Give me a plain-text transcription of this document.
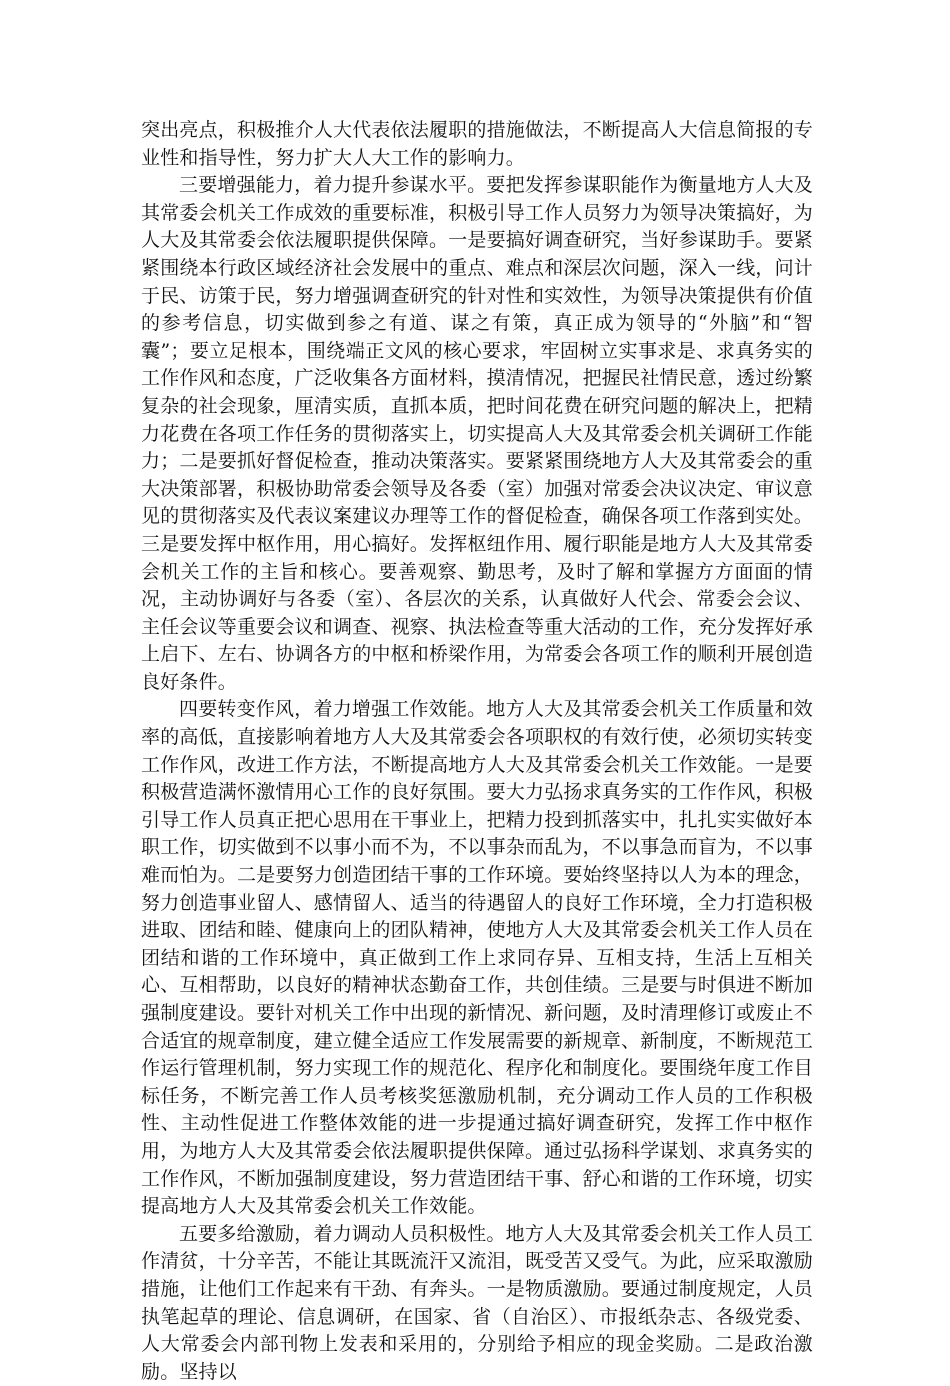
突出亮点，积极推介人大代表依法履职的措施做法，不断提高人大信息简报的专业性和指导性，努力扩大人大工作的影响力。

三要增强能力，着力提升参谋水平。要把发挥参谋职能作为衡量地方人大及其常委会机关工作成效的重要标准，积极引导工作人员努力为领导决策搞好，为人大及其常委会依法履职提供保障。一是要搞好调查研究，当好参谋助手。要紧紧围绕本行政区域经济社会发展中的重点、难点和深层次问题，深入一线，问计于民、访策于民，努力增强调查研究的针对性和实效性，为领导决策提供有价值的参考信息，切实做到参之有道、谋之有策，真正成为领导的“外脑”和“智囊”；要立足根本，围绕端正文风的核心要求，牢固树立实事求是、求真务实的工作作风和态度，广泛收集各方面材料，摸清情况，把握民社情民意，透过纷繁复杂的社会现象，厘清实质，直抓本质，把时间花费在研究问题的解决上，把精力花费在各项工作任务的贯彻落实上，切实提高人大及其常委会机关调研工作能力；二是要抓好督促检查，推动决策落实。要紧紧围绕地方人大及其常委会的重大决策部署，积极协助常委会领导及各委（室）加强对常委会决议决定、审议意见的贯彻落实及代表议案建议办理等工作的督促检查，确保各项工作落到实处。三是要发挥中枢作用，用心搞好。发挥枢纽作用、履行职能是地方人大及其常委会机关工作的主旨和核心。要善观察、勤思考，及时了解和掌握方方面面的情况，主动协调好与各委（室）、各层次的关系，认真做好人代会、常委会会议、主任会议等重要会议和调查、视察、执法检查等重大活动的工作，充分发挥好承上启下、左右、协调各方的中枢和桥梁作用，为常委会各项工作的顺利开展创造良好条件。

四要转变作风，着力增强工作效能。地方人大及其常委会机关工作质量和效率的高低，直接影响着地方人大及其常委会各项职权的有效行使，必须切实转变工作作风，改进工作方法，不断提高地方人大及其常委会机关工作效能。一是要积极营造满怀激情用心工作的良好氛围。要大力弘扬求真务实的工作作风，积极引导工作人员真正把心思用在干事业上，把精力投到抓落实中，扎扎实实做好本职工作，切实做到不以事小而不为，不以事杂而乱为，不以事急而盲为，不以事难而怕为。二是要努力创造团结干事的工作环境。要始终坚持以人为本的理念，努力创造事业留人、感情留人、适当的待遇留人的良好工作环境，全力打造积极进取、团结和睦、健康向上的团队精神，使地方人大及其常委会机关工作人员在团结和谐的工作环境中，真正做到工作上求同存异、互相支持，生活上互相关心、互相帮助，以良好的精神状态勤奋工作，共创佳绩。三是要与时俱进不断加强制度建设。要针对机关工作中出现的新情况、新问题，及时清理修订或废止不合适宜的规章制度，建立健全适应工作发展需要的新规章、新制度，不断规范工作运行管理机制，努力实现工作的规范化、程序化和制度化。要围绕年度工作目标任务，不断完善工作人员考核奖惩激励机制，充分调动工作人员的工作积极性、主动性促进工作整体效能的进一步提通过搞好调查研究，发挥工作中枢作用，为地方人大及其常委会依法履职提供保障。通过弘扬科学谋划、求真务实的工作作风，不断加强制度建设，努力营造团结干事、舒心和谐的工作环境，切实提高地方人大及其常委会机关工作效能。

五要多给激励，着力调动人员积极性。地方人大及其常委会机关工作人员工作清贫，十分辛苦，不能让其既流汗又流泪，既受苦又受气。为此，应采取激励措施，让他们工作起来有干劲、有奔头。一是物质激励。要通过制度规定，人员执笔起草的理论、信息调研，在国家、省（自治区）、市报纸杂志、各级党委、人大常委会内部刊物上发表和采用的，分别给予相应的现金奖励。二是政治激励。坚持以
